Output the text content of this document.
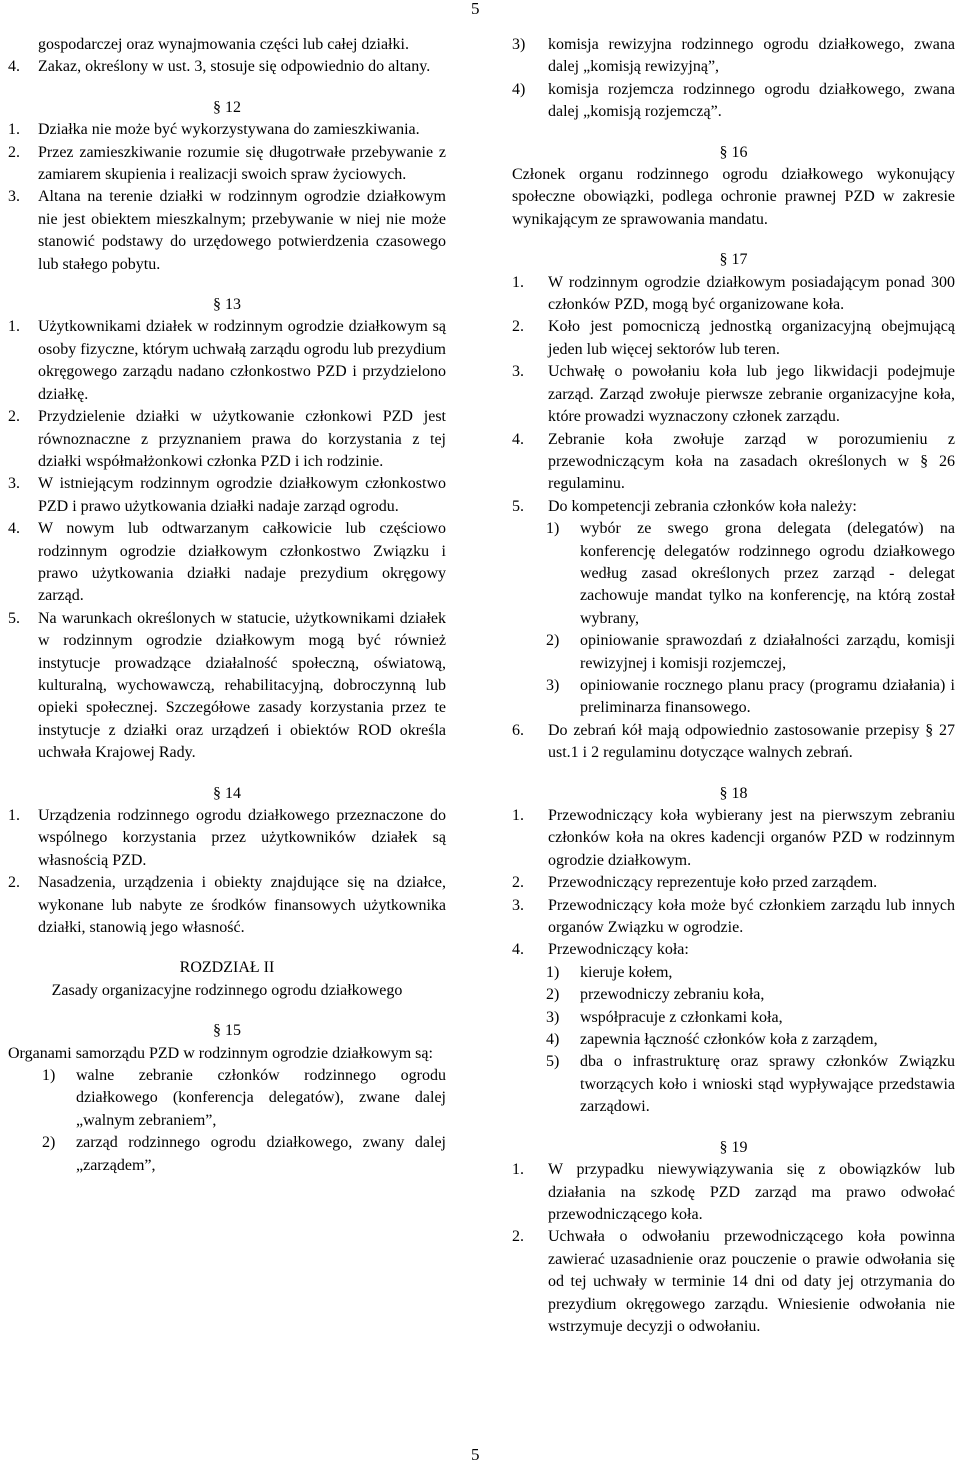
5
gospodarczej oraz wynajmowania części lub całej działki.
4.	Zakaz, określony w ust. 3, stosuje się odpowiednio do altany.
§ 12
1.	Działka nie może być wykorzystywana do zamieszkiwania.
2.	Przez zamieszkiwanie rozumie się długotrwałe przebywanie z zamiarem skupienia i realizacji swoich spraw życiowych.
3.	Altana na terenie działki w rodzinnym ogrodzie działkowym nie jest obiektem mieszkalnym; przebywanie w niej nie może stanowić podstawy do urzędowego potwierdzenia czasowego lub stałego pobytu.
§ 13
1.	Użytkownikami działek w rodzinnym ogrodzie działkowym są osoby fizyczne, którym uchwałą zarządu ogrodu lub prezydium okręgowego zarządu nadano członkostwo PZD i przydzielono działkę.
2.	Przydzielenie działki w użytkowanie członkowi PZD jest równoznaczne z przyznaniem prawa do korzystania z tej działki współmałżonkowi członka PZD i ich rodzinie.
3.	W istniejącym rodzinnym ogrodzie działkowym członkostwo PZD i prawo użytkowania działki nadaje zarząd ogrodu.
4.	W nowym lub odtwarzanym całkowicie lub częściowo rodzinnym ogrodzie działkowym członkostwo Związku i prawo użytkowania działki nadaje prezydium okręgowy zarząd.
5.	Na warunkach określonych w statucie, użytkownikami działek w rodzinnym ogrodzie działkowym mogą być również instytucje prowadzące działalność społeczną, oświatową, kulturalną, wychowawczą, rehabilitacyjną, dobroczynną lub opieki społecznej. Szczegółowe zasady korzystania przez te instytucje z działki oraz urządzeń i obiektów ROD określa uchwała Krajowej Rady.
§ 14
1.	Urządzenia rodzinnego ogrodu działkowego przeznaczone do wspólnego korzystania przez użytkowników działek są własnością PZD.
2.	Nasadzenia, urządzenia i obiekty znajdujące się na działce, wykonane lub nabyte ze środków finansowych użytkownika działki, stanowią jego własność.
ROZDZIAŁ II
Zasady organizacyjne rodzinnego ogrodu działkowego
§ 15
Organami samorządu PZD w rodzinnym ogrodzie działkowym są:
1)	walne zebranie członków rodzinnego ogrodu działkowego (konferencja delegatów), zwane dalej „walnym zebraniem”,
2)	zarząd rodzinnego ogrodu działkowego, zwany dalej „zarządem”,
3)	komisja rewizyjna rodzinnego ogrodu działkowego, zwana dalej „komisją rewizyjną”,
4)	komisja rozjemcza rodzinnego ogrodu działkowego, zwana dalej „komisją rozjemczą”.
§ 16
Członek organu rodzinnego ogrodu działkowego wykonujący społeczne obowiązki, podlega ochronie prawnej PZD w zakresie wynikającym ze sprawowania mandatu.
§ 17
1.	W rodzinnym ogrodzie działkowym posiadającym ponad 300 członków PZD, mogą być organizowane koła.
2.	Koło jest pomocniczą jednostką organizacyjną obejmującą jeden lub więcej sektorów lub teren.
3.	Uchwałę o powołaniu koła lub jego likwidacji podejmuje zarząd. Zarząd zwołuje pierwsze zebranie organizacyjne koła, które prowadzi wyznaczony członek zarządu.
4.	Zebranie koła zwołuje zarząd w porozumieniu z przewodniczącym koła na zasadach określonych w § 26 regulaminu.
5.	Do kompetencji zebrania członków koła należy:
1)	wybór ze swego grona delegata (delegatów) na konferencję delegatów rodzinnego ogrodu działkowego według zasad określonych przez zarząd - delegat zachowuje mandat tylko na konferencję, na którą został wybrany,
2)	opiniowanie sprawozdań z działalności zarządu, komisji rewizyjnej i komisji rozjemczej,
3)	opiniowanie rocznego planu pracy (programu działania) i preliminarza finansowego.
6.	Do zebrań kół mają odpowiednio zastosowanie przepisy § 27 ust.1 i 2 regulaminu dotyczące walnych zebrań.
§ 18
1.	Przewodniczący koła wybierany jest na pierwszym zebraniu członków koła na okres kadencji organów PZD w rodzinnym ogrodzie działkowym.
2.	Przewodniczący reprezentuje koło przed zarządem.
3.	Przewodniczący koła może być członkiem zarządu lub innych organów Związku w ogrodzie.
4.	Przewodniczący koła:
1)	kieruje kołem,
2)	przewodniczy zebraniu koła,
3)	współpracuje z członkami koła,
4)	zapewnia łączność członków koła z zarządem,
5)	dba o infrastrukturę oraz sprawy członków Związku tworzących koło i wnioski stąd wypływające przedstawia zarządowi.
§ 19
1.	W przypadku niewywiązywania się z obowiązków lub działania na szkodę PZD zarząd ma prawo odwołać przewodniczącego koła.
2.	Uchwała o odwołaniu przewodniczącego koła powinna zawierać uzasadnienie oraz pouczenie o prawie odwołania się od tej uchwały w terminie 14 dni od daty jej otrzymania do prezydium okręgowego zarządu. Wniesienie odwołania nie wstrzymuje decyzji o odwołaniu.
5
